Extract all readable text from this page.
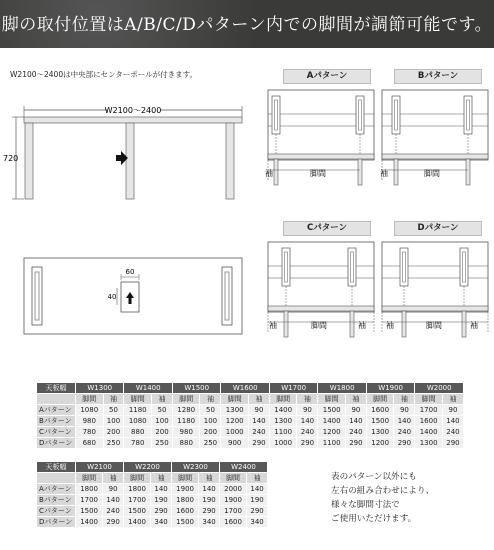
脚の取付位置はA/B/C/Dパターン内での脚間が調節可能です。
W2100〜2400は中央部にセンターポールが付きます。
W2100〜2400
720
60
40
Aパターン	Bパターン
Cパターン	Dパターン
袖	脚間	袖	脚間
袖	脚間	袖	袖	脚間	袖
天板幅	W1300		W1400		W1500		W1600		W1700		W1800		W1900		W2000	
	脚間	袖	脚間	袖	脚間	袖	脚間	袖	脚間	袖	脚間	袖	脚間	袖	脚間	袖
Aパターン	1080	50	1180	50	1280	50	1300	90	1400	90	1500	90	1600	90	1700	90
Bパターン	980	100	1080	100	1180	100	1200	140	1300	140	1400	140	1500	140	1600	140
Cパターン	780	200	880	200	980	200	1000	240	1100	240	1200	240	1300	240	1400	240
Dパターン	680	250	780	250	880	250	900	290	1000	290	1100	290	1200	290	1300	290
天板幅	W2100		W2200		W2300		W2400	
	脚間	袖	脚間	袖	脚間	袖	脚間	袖
Aパターン	1800	90	1800	140	1900	140	2000	140
Bパターン	1700	140	1700	190	1800	190	1900	190
Cパターン	1500	240	1500	290	1600	290	1700	290
Dパターン	1400	290	1400	340	1500	340	1600	340
表のパターン以外にも
左右の組み合わせにより、
様々な脚間寸法で
ご使用いただけます。
